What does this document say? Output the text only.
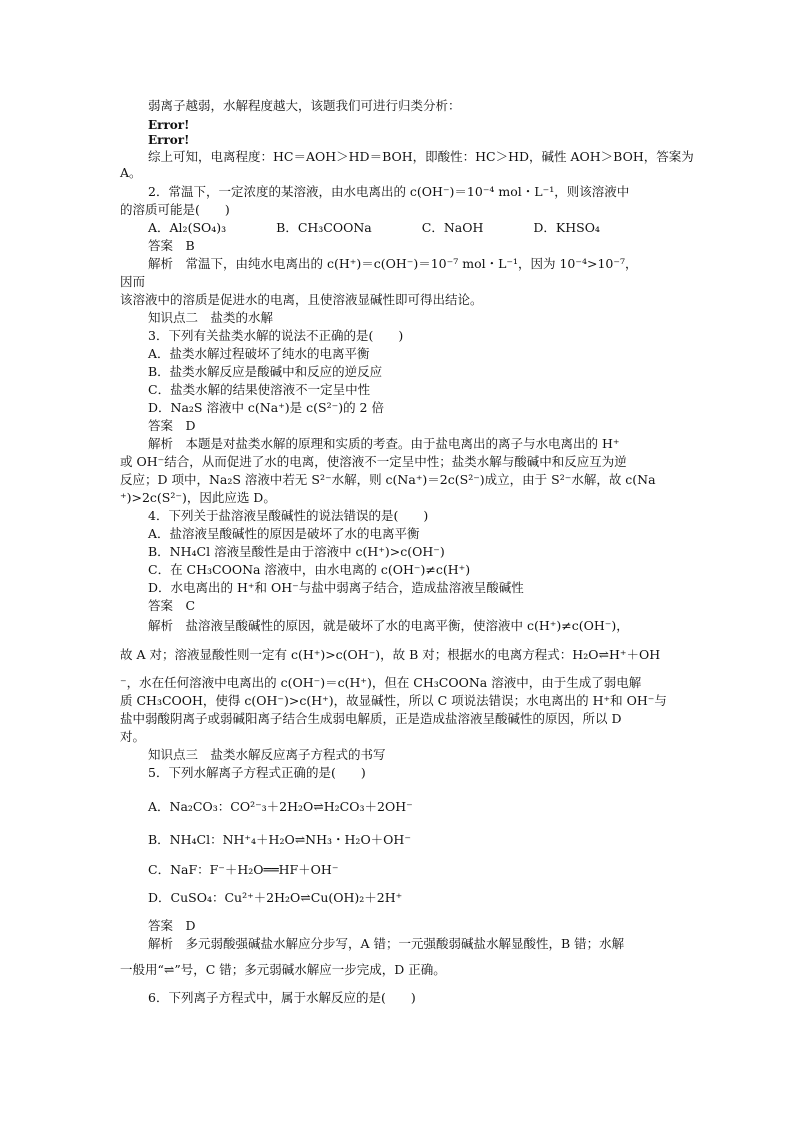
弱离子越弱，水解程度越大，该题我们可进行归类分析：
Error!
Error!
综上可知，电离程度：HC＝AOH＞HD＝BOH，即酸性：HC＞HD，碱性 AOH＞BOH，答案为
A。
2．常温下，一定浓度的某溶液，由水电离出的 c(OH⁻)＝10⁻⁴ mol・L⁻¹，则该溶液中
的溶质可能是(　　)
A．Al₂(SO₄)₃　　　　B．CH₃COONa　　　　C．NaOH　　　　D．KHSO₄
答案　B
解析　常温下，由纯水电离出的 c(H⁺)＝c(OH⁻)＝10⁻⁷ mol・L⁻¹，因为 10⁻⁴>10⁻⁷，
因而
该溶液中的溶质是促进水的电离，且使溶液显碱性即可得出结论。
知识点二　盐类的水解
3．下列有关盐类水解的说法不正确的是(　　)
A．盐类水解过程破坏了纯水的电离平衡
B．盐类水解反应是酸碱中和反应的逆反应
C．盐类水解的结果使溶液不一定呈中性
D．Na₂S 溶液中 c(Na⁺)是 c(S²⁻)的 2 倍
答案　D
解析　本题是对盐类水解的原理和实质的考查。由于盐电离出的离子与水电离出的 H⁺
或 OH⁻结合，从而促进了水的电离，使溶液不一定呈中性；盐类水解与酸碱中和反应互为逆
反应；D 项中，Na₂S 溶液中若无 S²⁻水解，则 c(Na⁺)＝2c(S²⁻)成立，由于 S²⁻水解，故 c(Na
⁺)>2c(S²⁻)，因此应选 D。
4．下列关于盐溶液呈酸碱性的说法错误的是(　　)
A．盐溶液呈酸碱性的原因是破坏了水的电离平衡
B．NH₄Cl 溶液呈酸性是由于溶液中 c(H⁺)>c(OH⁻)
C．在 CH₃COONa 溶液中，由水电离的 c(OH⁻)≠c(H⁺)
D．水电离出的 H⁺和 OH⁻与盐中弱离子结合，造成盐溶液呈酸碱性
答案　C
解析　盐溶液呈酸碱性的原因，就是破坏了水的电离平衡，使溶液中 c(H⁺)≠c(OH⁻)，
故 A 对；溶液显酸性则一定有 c(H⁺)>c(OH⁻)，故 B 对；根据水的电离方程式：H₂O⇌H⁺＋OH
⁻，水在任何溶液中电离出的 c(OH⁻)＝c(H⁺)，但在 CH₃COONa 溶液中，由于生成了弱电解
质 CH₃COOH，使得 c(OH⁻)>c(H⁺)，故显碱性，所以 C 项说法错误；水电离出的 H⁺和 OH⁻与
盐中弱酸阴离子或弱碱阳离子结合生成弱电解质，正是造成盐溶液呈酸碱性的原因，所以 D
对。
知识点三　盐类水解反应离子方程式的书写
5．下列水解离子方程式正确的是(　　)
A．Na₂CO₃：CO²⁻₃＋2H₂O⇌H₂CO₃＋2OH⁻
B．NH₄Cl：NH⁺₄＋H₂O⇌NH₃・H₂O＋OH⁻
C．NaF：F⁻＋H₂O══HF＋OH⁻
D．CuSO₄：Cu²⁺＋2H₂O⇌Cu(OH)₂＋2H⁺
答案　D
解析　多元弱酸强碱盐水解应分步写，A 错；一元强酸弱碱盐水解显酸性，B 错；水解
一般用“⇌”号，C 错；多元弱碱水解应一步完成，D 正确。
6．下列离子方程式中，属于水解反应的是(　　)
